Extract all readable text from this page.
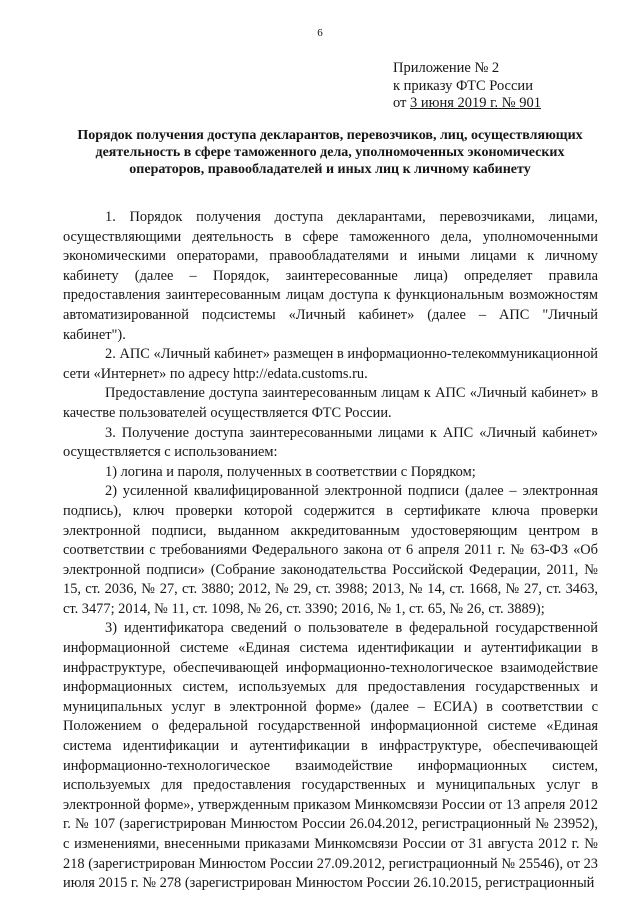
6
Приложение № 2
к приказу ФТС России
от 3 июня 2019 г. № 901
Порядок получения доступа декларантов, перевозчиков, лиц, осуществляющих деятельность в сфере таможенного дела, уполномоченных экономических операторов, правообладателей и иных лиц к личному кабинету

1. Порядок получения доступа декларантами, перевозчиками, лицами, осуществляющими деятельность в сфере таможенного дела, уполномоченными экономическими операторами, правообладателями и иными лицами к личному кабинету (далее – Порядок, заинтересованные лица) определяет правила предоставления заинтересованным лицам доступа к функциональным возможностям автоматизированной подсистемы «Личный кабинет» (далее – АПС "Личный кабинет").

2. АПС «Личный кабинет» размещен в информационно-телекоммуникационной сети «Интернет» по адресу http://edata.customs.ru.

Предоставление доступа заинтересованным лицам к АПС «Личный кабинет» в качестве пользователей осуществляется ФТС России.

3. Получение доступа заинтересованными лицами к АПС «Личный кабинет» осуществляется с использованием:

1) логина и пароля, полученных в соответствии с Порядком;

2) усиленной квалифицированной электронной подписи (далее – электронная подпись), ключ проверки которой содержится в сертификате ключа проверки электронной подписи, выданном аккредитованным удостоверяющим центром в соответствии с требованиями Федерального закона от 6 апреля 2011 г. № 63-ФЗ «Об электронной подписи» (Собрание законодательства Российской Федерации, 2011, № 15, ст. 2036, № 27, ст. 3880; 2012, № 29, ст. 3988; 2013, № 14, ст. 1668, № 27, ст. 3463, ст. 3477; 2014, № 11, ст. 1098, № 26, ст. 3390; 2016, № 1, ст. 65, № 26, ст. 3889);

3) идентификатора сведений о пользователе в федеральной государственной информационной системе «Единая система идентификации и аутентификации в инфраструктуре, обеспечивающей информационно-технологическое взаимодействие информационных систем, используемых для предоставления государственных и муниципальных услуг в электронной форме» (далее – ЕСИА) в соответствии с Положением о федеральной государственной информационной системе «Единая система идентификации и аутентификации в инфраструктуре, обеспечивающей информационно-технологическое взаимодействие информационных систем, используемых для предоставления государственных и муниципальных услуг в электронной форме», утвержденным приказом Минкомсвязи России от 13 апреля 2012 г. № 107 (зарегистрирован Минюстом России 26.04.2012, регистрационный № 23952), с изменениями, внесенными приказами Минкомсвязи России от 31 августа 2012 г. № 218 (зарегистрирован Минюстом России 27.09.2012, регистрационный № 25546), от 23 июля 2015 г. № 278 (зарегистрирован Минюстом России 26.10.2015, регистрационный
